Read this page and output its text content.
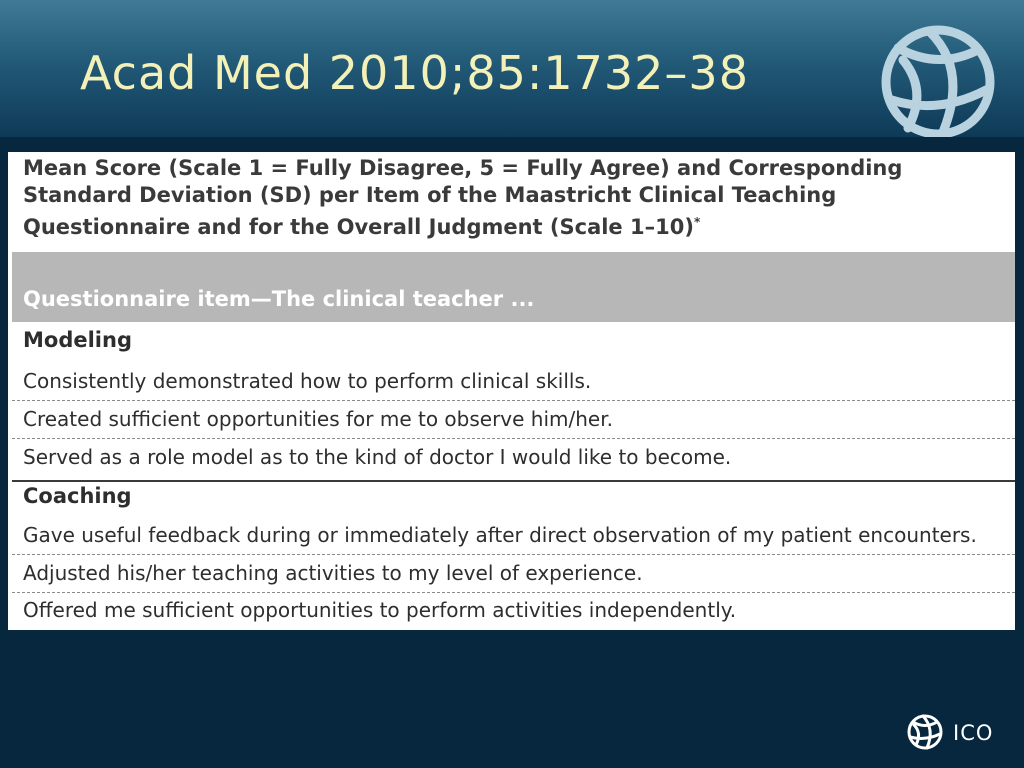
Acad Med 2010;85:1732–38
Mean Score (Scale 1 = Fully Disagree, 5 = Fully Agree) and Corresponding
Standard Deviation (SD) per Item of the Maastricht Clinical Teaching
Questionnaire and for the Overall Judgment (Scale 1–10)*
Questionnaire item—The clinical teacher ...
Modeling
Consistently demonstrated how to perform clinical skills.
Created sufficient opportunities for me to observe him/her.
Served as a role model as to the kind of doctor I would like to become.
Coaching
Gave useful feedback during or immediately after direct observation of my patient encounters.
Adjusted his/her teaching activities to my level of experience.
Offered me sufficient opportunities to perform activities independently.
ICO
